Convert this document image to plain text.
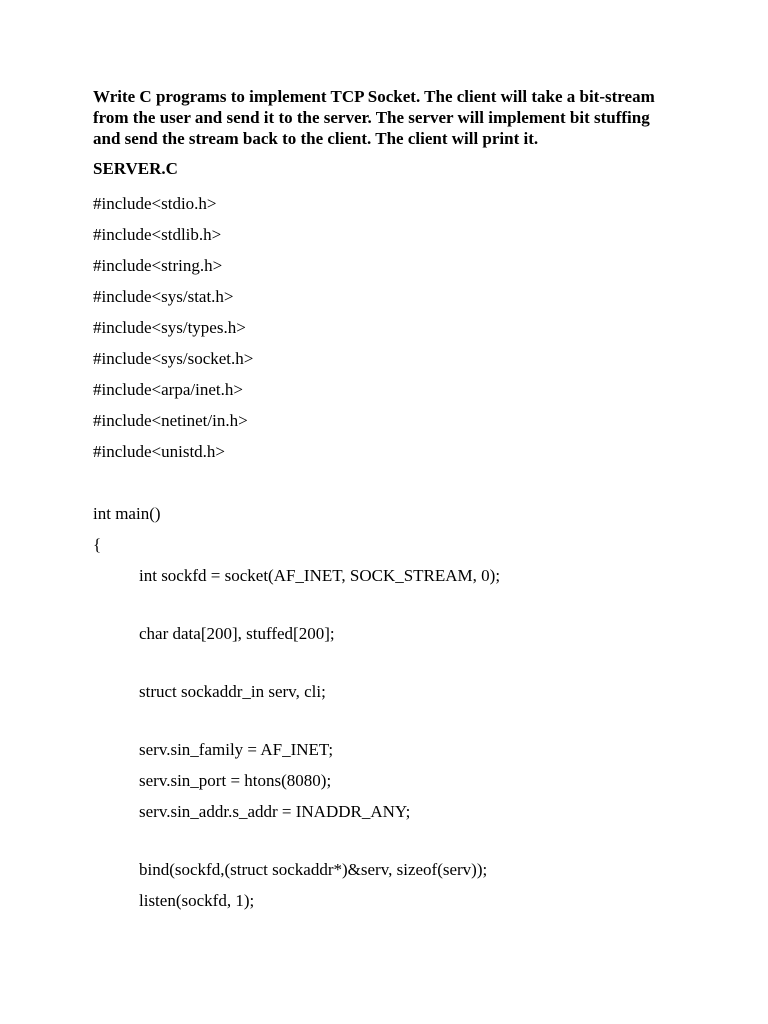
Write C programs to implement TCP Socket. The client will take a bit-stream from the user and send it to the server. The server will implement bit stuffing and send the stream back to the client. The client will print it.

SERVER.C
#include<stdio.h>
#include<stdlib.h>
#include<string.h>
#include<sys/stat.h>
#include<sys/types.h>
#include<sys/socket.h>
#include<arpa/inet.h>
#include<netinet/in.h>
#include<unistd.h>
int main()
{
int sockfd = socket(AF_INET, SOCK_STREAM, 0);
char data[200], stuffed[200];
struct sockaddr_in serv, cli;
serv.sin_family = AF_INET;
serv.sin_port = htons(8080);
serv.sin_addr.s_addr = INADDR_ANY;
bind(sockfd,(struct sockaddr*)&serv, sizeof(serv));
listen(sockfd, 1);
